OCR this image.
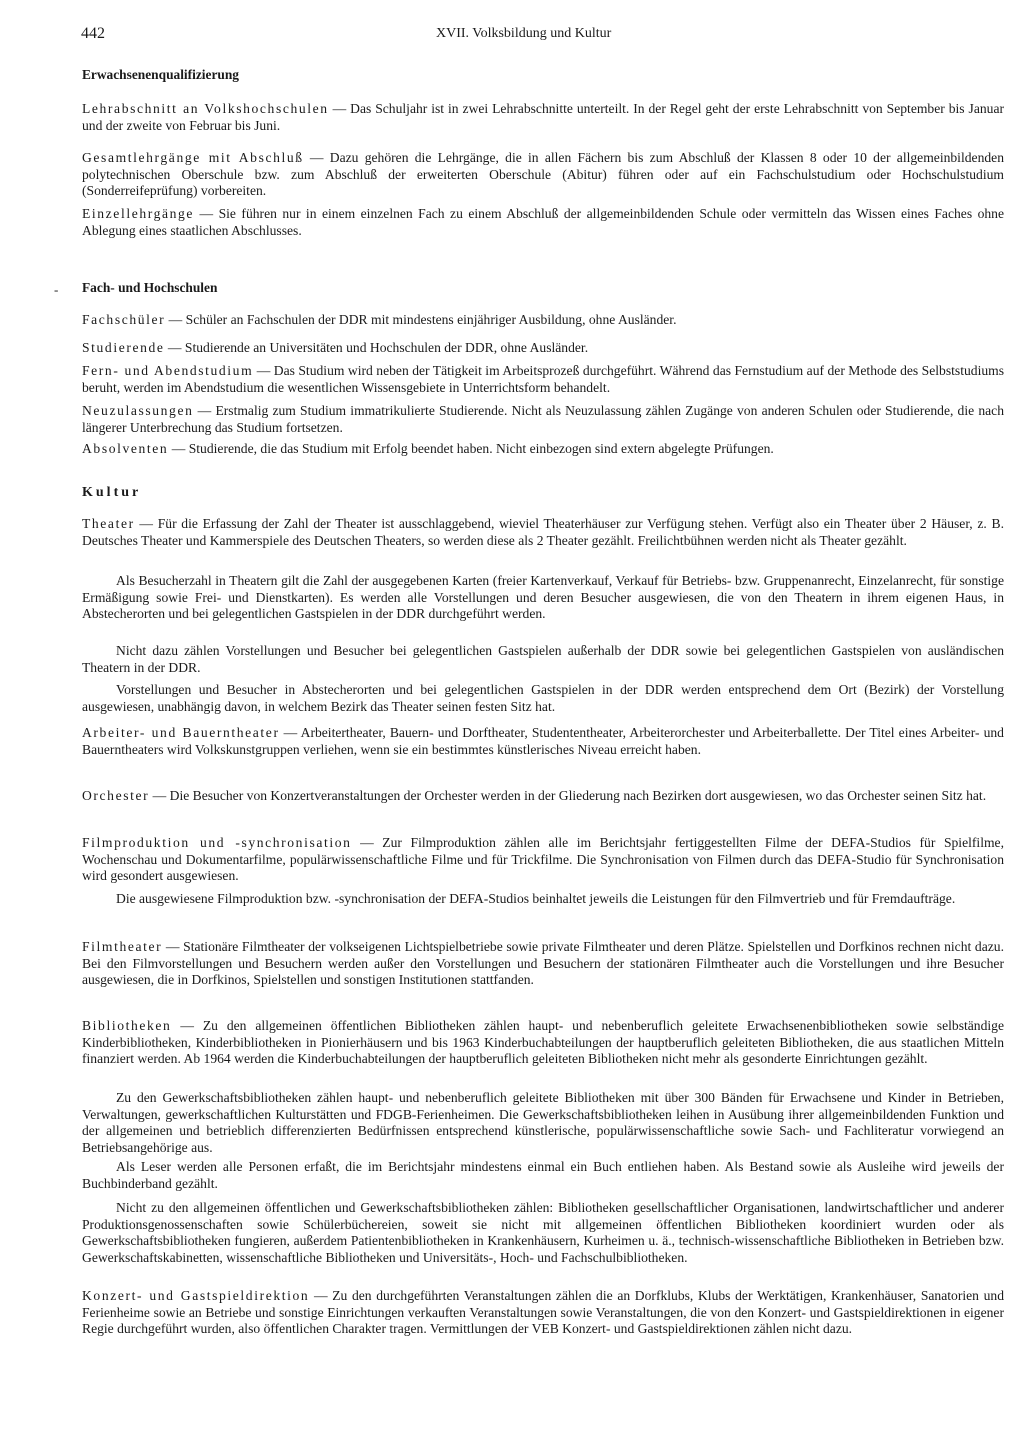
442	XVII. Volksbildung und Kultur
Erwachsenenqualifizierung

Lehrabschnitt an Volkshochschulen — Das Schuljahr ist in zwei Lehrabschnitte unterteilt. In der Regel geht der erste Lehrabschnitt von September bis Januar und der zweite von Februar bis Juni.

Gesamtlehrgänge mit Abschluß — Dazu gehören die Lehrgänge, die in allen Fächern bis zum Abschluß der Klassen 8 oder 10 der allgemeinbildenden polytechnischen Oberschule bzw. zum Abschluß der erweiterten Oberschule (Abitur) führen oder auf ein Fachschulstudium oder Hochschulstudium (Sonderreifeprüfung) vorbereiten.

Einzellehrgänge — Sie führen nur in einem einzelnen Fach zu einem Abschluß der allgemeinbildenden Schule oder vermitteln das Wissen eines Faches ohne Ablegung eines staatlichen Abschlusses.

- Fach- und Hochschulen

Fachschüler — Schüler an Fachschulen der DDR mit mindestens einjähriger Ausbildung, ohne Ausländer.

Studierende — Studierende an Universitäten und Hochschulen der DDR, ohne Ausländer.

Fern- und Abendstudium — Das Studium wird neben der Tätigkeit im Arbeitsprozeß durchgeführt. Während das Fernstudium auf der Methode des Selbststudiums beruht, werden im Abendstudium die wesentlichen Wissensgebiete in Unterrichtsform behandelt.

Neuzulassungen — Erstmalig zum Studium immatrikulierte Studierende. Nicht als Neuzulassung zählen Zugänge von anderen Schulen oder Studierende, die nach längerer Unterbrechung das Studium fortsetzen.

Absolventen — Studierende, die das Studium mit Erfolg beendet haben. Nicht einbezogen sind extern abgelegte Prüfungen.

Kultur

Theater — Für die Erfassung der Zahl der Theater ist ausschlaggebend, wieviel Theaterhäuser zur Verfügung stehen. Verfügt also ein Theater über 2 Häuser, z. B. Deutsches Theater und Kammerspiele des Deutschen Theaters, so werden diese als 2 Theater gezählt. Freilichtbühnen werden nicht als Theater gezählt.

Als Besucherzahl in Theatern gilt die Zahl der ausgegebenen Karten (freier Kartenverkauf, Verkauf für Betriebs- bzw. Gruppenanrecht, Einzelanrecht, für sonstige Ermäßigung sowie Frei- und Dienstkarten). Es werden alle Vorstellungen und deren Besucher ausgewiesen, die von den Theatern in ihrem eigenen Haus, in Abstecherorten und bei gelegentlichen Gastspielen in der DDR durchgeführt werden.

Nicht dazu zählen Vorstellungen und Besucher bei gelegentlichen Gastspielen außerhalb der DDR sowie bei gelegentlichen Gastspielen von ausländischen Theatern in der DDR.

Vorstellungen und Besucher in Abstecherorten und bei gelegentlichen Gastspielen in der DDR werden entsprechend dem Ort (Bezirk) der Vorstellung ausgewiesen, unabhängig davon, in welchem Bezirk das Theater seinen festen Sitz hat.

Arbeiter- und Bauerntheater — Arbeitertheater, Bauern- und Dorftheater, Studententheater, Arbeiterorchester und Arbeiterballette. Der Titel eines Arbeiter- und Bauerntheaters wird Volkskunstgruppen verliehen, wenn sie ein bestimmtes künstlerisches Niveau erreicht haben.

Orchester — Die Besucher von Konzertveranstaltungen der Orchester werden in der Gliederung nach Bezirken dort ausgewiesen, wo das Orchester seinen Sitz hat.

Filmproduktion und -synchronisation — Zur Filmproduktion zählen alle im Berichtsjahr fertiggestellten Filme der DEFA-Studios für Spielfilme, Wochenschau und Dokumentarfilme, populärwissenschaftliche Filme und für Trickfilme. Die Synchronisation von Filmen durch das DEFA-Studio für Synchronisation wird gesondert ausgewiesen.

Die ausgewiesene Filmproduktion bzw. -synchronisation der DEFA-Studios beinhaltet jeweils die Leistungen für den Filmvertrieb und für Fremdaufträge.

Filmtheater — Stationäre Filmtheater der volkseigenen Lichtspielbetriebe sowie private Filmtheater und deren Plätze. Spielstellen und Dorfkinos rechnen nicht dazu. Bei den Filmvorstellungen und Besuchern werden außer den Vorstellungen und Besuchern der stationären Filmtheater auch die Vorstellungen und ihre Besucher ausgewiesen, die in Dorfkinos, Spielstellen und sonstigen Institutionen stattfanden.

Bibliotheken — Zu den allgemeinen öffentlichen Bibliotheken zählen haupt- und nebenberuflich geleitete Erwachsenenbibliotheken sowie selbständige Kinderbibliotheken, Kinderbibliotheken in Pionierhäusern und bis 1963 Kinderbuchabteilungen der hauptberuflich geleiteten Bibliotheken, die aus staatlichen Mitteln finanziert werden. Ab 1964 werden die Kinderbuchabteilungen der hauptberuflich geleiteten Bibliotheken nicht mehr als gesonderte Einrichtungen gezählt.

Zu den Gewerkschaftsbibliotheken zählen haupt- und nebenberuflich geleitete Bibliotheken mit über 300 Bänden für Erwachsene und Kinder in Betrieben, Verwaltungen, gewerkschaftlichen Kulturstätten und FDGB-Ferienheimen. Die Gewerkschaftsbibliotheken leihen in Ausübung ihrer allgemeinbildenden Funktion und der allgemeinen und betrieblich differenzierten Bedürfnissen entsprechend künstlerische, populärwissenschaftliche sowie Sach- und Fachliteratur vorwiegend an Betriebsangehörige aus.

Als Leser werden alle Personen erfaßt, die im Berichtsjahr mindestens einmal ein Buch entliehen haben. Als Bestand sowie als Ausleihe wird jeweils der Buchbinderband gezählt.

Nicht zu den allgemeinen öffentlichen und Gewerkschaftsbibliotheken zählen: Bibliotheken gesellschaftlicher Organisationen, landwirtschaftlicher und anderer Produktionsgenossenschaften sowie Schülerbüchereien, soweit sie nicht mit allgemeinen öffentlichen Bibliotheken koordiniert wurden oder als Gewerkschaftsbibliotheken fungieren, außerdem Patientenbibliotheken in Krankenhäusern, Kurheimen u. ä., technisch-wissenschaftliche Bibliotheken in Betrieben bzw. Gewerkschaftskabinetten, wissenschaftliche Bibliotheken und Universitäts-, Hoch- und Fachschulbibliotheken.

Konzert- und Gastspieldirektion — Zu den durchgeführten Veranstaltungen zählen die an Dorfklubs, Klubs der Werktätigen, Krankenhäuser, Sanatorien und Ferienheime sowie an Betriebe und sonstige Einrichtungen verkauften Veranstaltungen sowie Veranstaltungen, die von den Konzert- und Gastspieldirektionen in eigener Regie durchgeführt wurden, also öffentlichen Charakter tragen. Vermittlungen der VEB Konzert- und Gastspieldirektionen zählen nicht dazu.
